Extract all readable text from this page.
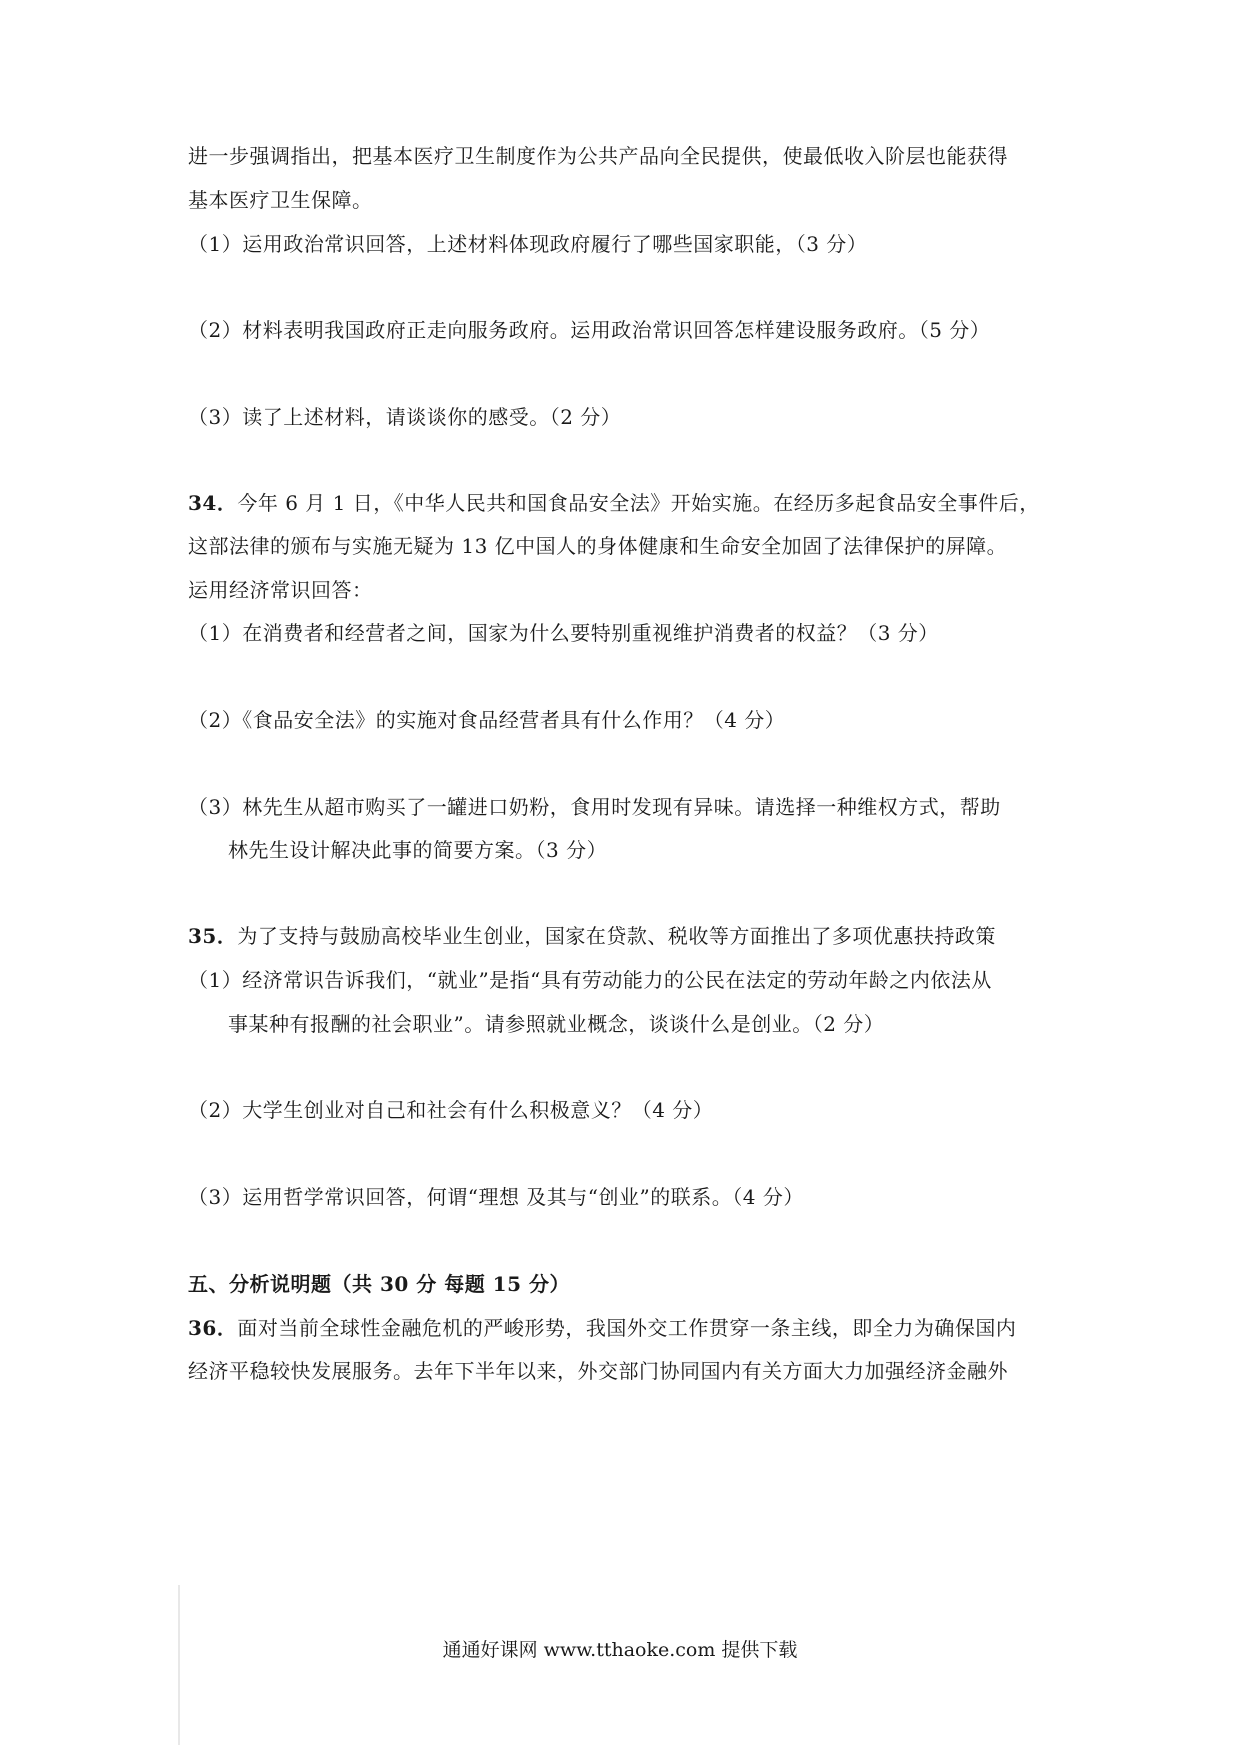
进一步强调指出，把基本医疗卫生制度作为公共产品向全民提供，使最低收入阶层也能获得
基本医疗卫生保障。
（1）运用政治常识回答，上述材料体现政府履行了哪些国家职能，（3 分）
（2）材料表明我国政府正走向服务政府。运用政治常识回答怎样建设服务政府。（5 分）
（3）读了上述材料，请谈谈你的感受。（2 分）
34．今年 6 月 1 日，《中华人民共和国食品安全法》开始实施。在经历多起食品安全事件后，
这部法律的颁布与实施无疑为 13 亿中国人的身体健康和生命安全加固了法律保护的屏障。
运用经济常识回答：
（1）在消费者和经营者之间，国家为什么要特别重视维护消费者的权益？（3 分）
（2）《食品安全法》的实施对食品经营者具有什么作用？（4 分）
（3）林先生从超市购买了一罐进口奶粉，食用时发现有异味。请选择一种维权方式，帮助
林先生设计解决此事的简要方案。（3 分）
35．为了支持与鼓励高校毕业生创业，国家在贷款、税收等方面推出了多项优惠扶持政策
（1）经济常识告诉我们，“就业”是指“具有劳动能力的公民在法定的劳动年龄之内依法从
事某种有报酬的社会职业”。请参照就业概念，谈谈什么是创业。（2 分）
（2）大学生创业对自己和社会有什么积极意义？（4 分）
（3）运用哲学常识回答，何谓“理想 及其与“创业”的联系。（4 分）
五、分析说明题（共 30 分 每题 15 分）
36．面对当前全球性金融危机的严峻形势，我国外交工作贯穿一条主线，即全力为确保国内
经济平稳较快发展服务。去年下半年以来，外交部门协同国内有关方面大力加强经济金融外
通通好课网 www.tthaoke.com 提供下载
